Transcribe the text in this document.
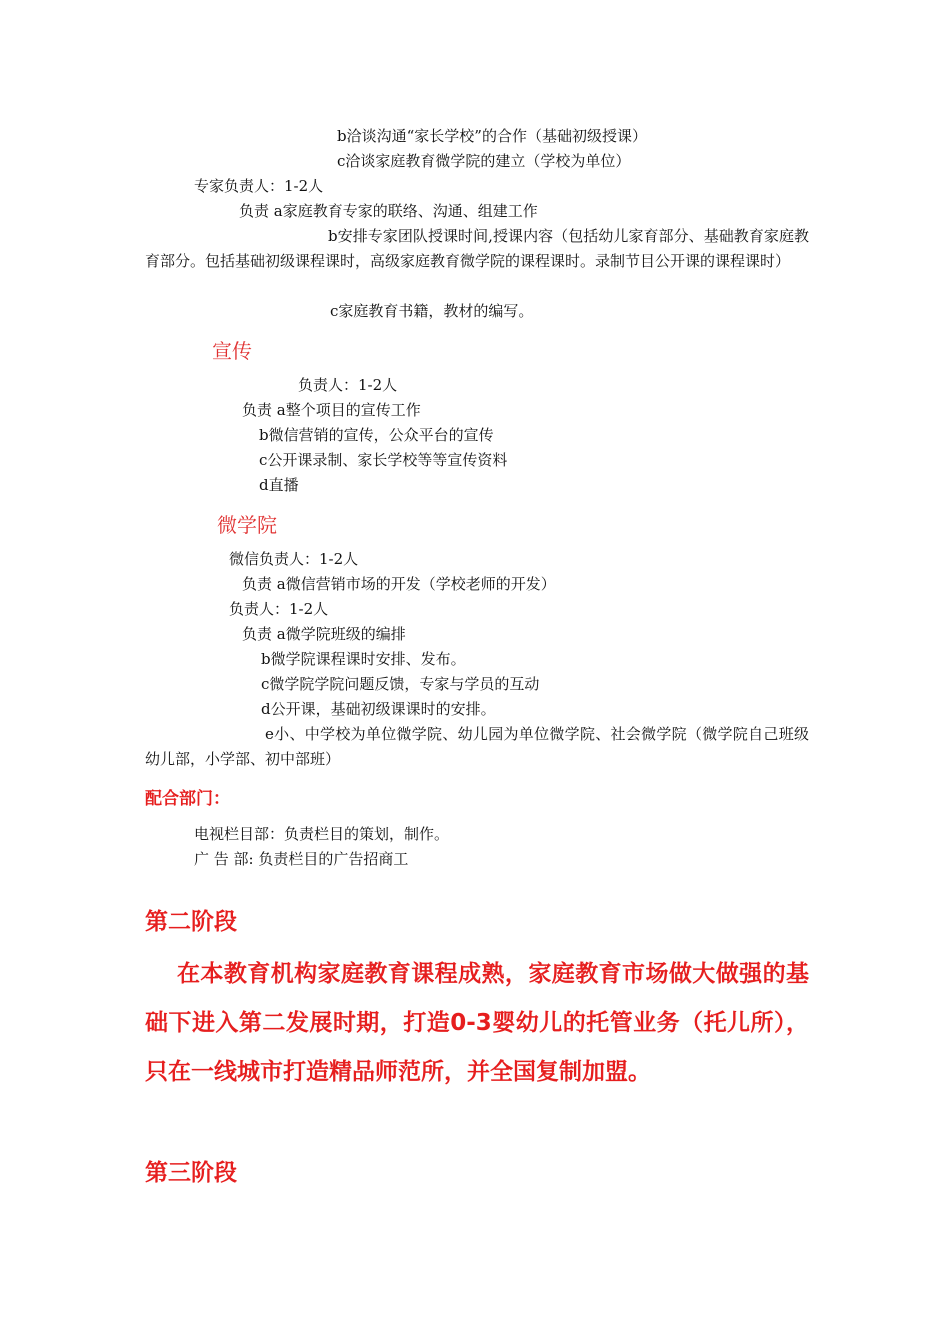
b洽谈沟通“家长学校”的合作（基础初级授课）
c洽谈家庭教育微学院的建立（学校为单位）
专家负责人：1-2人
负责 a家庭教育专家的联络、沟通、组建工作
b安排专家团队授课时间,授课内容（包括幼儿家育部分、基础教育家庭教育部分。包括基础初级课程课时，高级家庭教育微学院的课程课时。录制节目公开课的课程课时）
c家庭教育书籍，教材的编写。
宣传
负责人：1-2人
负责 a整个项目的宣传工作
b微信营销的宣传，公众平台的宣传
c公开课录制、家长学校等等宣传资料
d直播
微学院
微信负责人：1-2人
负责 a微信营销市场的开发（学校老师的开发）
负责人：1-2人
负责 a微学院班级的编排
b微学院课程课时安排、发布。
c微学院学院问题反馈，专家与学员的互动
d公开课，基础初级课课时的安排。
e小、中学校为单位微学院、幼儿园为单位微学院、社会微学院（微学院自己班级幼儿部，小学部、初中部班）
配合部门：
电视栏目部：负责栏目的策划，制作。
广 告 部: 负责栏目的广告招商工
第二阶段
在本教育机构家庭教育课程成熟，家庭教育市场做大做强的基础下进入第二发展时期，打造0-3婴幼儿的托管业务（托儿所），只在一线城市打造精品师范所，并全国复制加盟。
第三阶段
